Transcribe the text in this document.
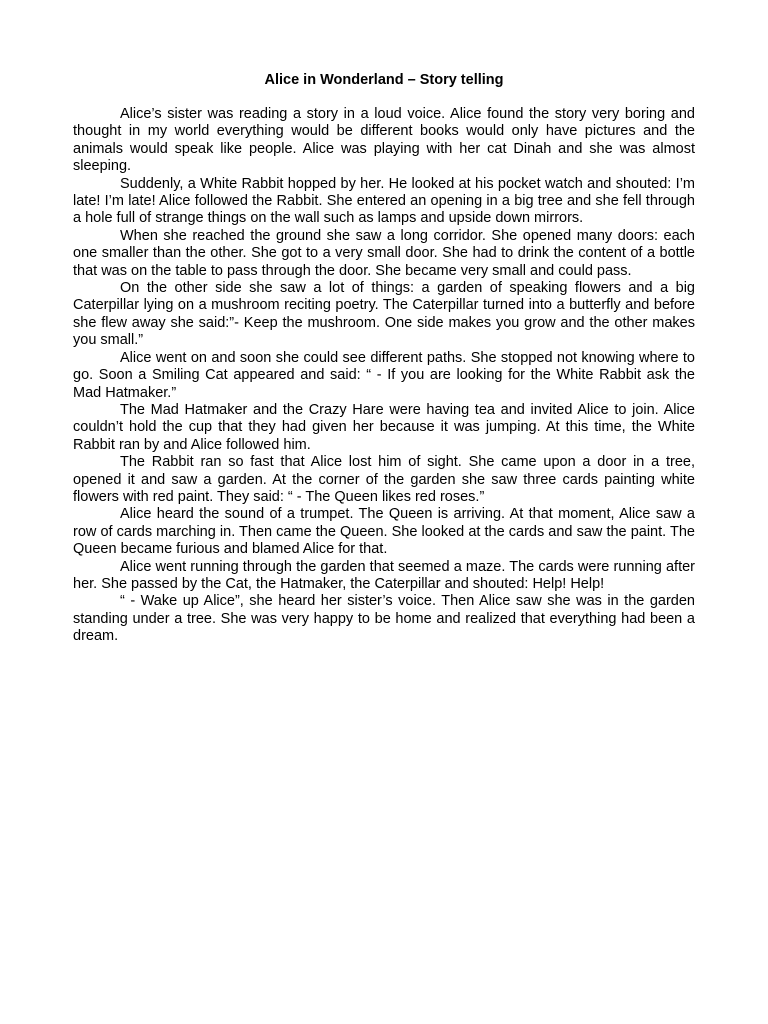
Alice in Wonderland – Story telling

Alice’s sister was reading a story in a loud voice. Alice found the story very boring and thought in my world everything would be different books would only have pictures and the animals would speak like people. Alice was playing with her cat Dinah and she was almost sleeping.

Suddenly, a White Rabbit hopped by her. He looked at his pocket watch and shouted: I’m late! I’m late! Alice followed the Rabbit. She entered an opening in a big tree and she fell through a hole full of strange things on the wall such as lamps and upside down mirrors.

When she reached the ground she saw a long corridor. She opened many doors: each one smaller than the other. She got to a very small door. She had to drink the content of a bottle that was on the table to pass through the door. She became very small and could pass.

On the other side she saw a lot of things: a garden of speaking flowers and a big Caterpillar lying on a mushroom reciting poetry. The Caterpillar turned into a butterfly and before she flew away she said:”- Keep the mushroom. One side makes you grow and the other makes you small.”

Alice went on and soon she could see different paths. She stopped not knowing where to go. Soon a Smiling Cat appeared and said: “ - If you are looking for the White Rabbit ask the Mad Hatmaker.”

The Mad Hatmaker and the Crazy Hare were having tea and invited Alice to join. Alice couldn’t hold the cup that they had given her because it was jumping. At this time, the White Rabbit ran by and Alice followed him.

The Rabbit ran so fast that Alice lost him of sight. She came upon a door in a tree, opened it and saw a garden. At the corner of the garden she saw three cards painting white flowers with red paint. They said: “ - The Queen likes red roses.”

Alice heard the sound of a trumpet. The Queen is arriving. At that moment, Alice saw a row of cards marching in. Then came the Queen. She looked at the cards and saw the paint. The Queen became furious and blamed Alice for that.

Alice went running through the garden that seemed a maze. The cards were running after her. She passed by the Cat, the Hatmaker, the Caterpillar and shouted: Help! Help!

“ - Wake up Alice”, she heard her sister’s voice. Then Alice saw she was in the garden standing under a tree. She was very happy to be home and realized that everything had been a dream.
